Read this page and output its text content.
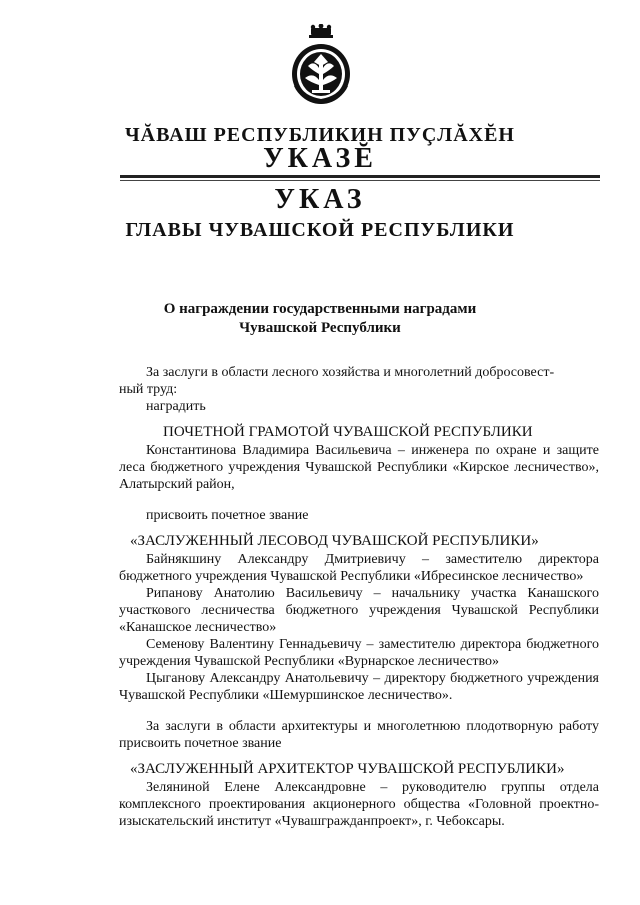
ЧĂВАШ РЕСПУБЛИКИН ПУÇЛĂХĔН
УКАЗĔ
УКАЗ
ГЛАВЫ ЧУВАШСКОЙ РЕСПУБЛИКИ
О награждении государственными наградами
Чувашской Республики

За заслуги в области лесного хозяйства и многолетний добросовест-

ный труд:

наградить

ПОЧЕТНОЙ ГРАМОТОЙ ЧУВАШСКОЙ РЕСПУБЛИКИ

Константинова Владимира Васильевича – инженера по охране и защите леса бюджетного учреждения Чувашской Республики «Кирское лесничество», Алатырский район,

присвоить почетное звание

«ЗАСЛУЖЕННЫЙ ЛЕСОВОД ЧУВАШСКОЙ РЕСПУБЛИКИ»

Байнякшину Александру Дмитриевичу – заместителю директора бюджетного учреждения Чувашской Республики «Ибресинское лесничество»

Рипанову Анатолию Васильевичу – начальнику участка Канашского участкового лесничества бюджетного учреждения Чувашской Республики «Канашское лесничество»

Семенову Валентину Геннадьевичу – заместителю директора бюджетного учреждения Чувашской Республики «Вурнарское лесничество»

Цыганову Александру Анатольевичу – директору бюджетного учреждения Чувашской Республики «Шемуршинское лесничество».

За заслуги в области архитектуры и многолетнюю плодотворную работу присвоить почетное звание

«ЗАСЛУЖЕННЫЙ АРХИТЕКТОР ЧУВАШСКОЙ РЕСПУБЛИКИ»

Зеляниной Елене Александровне – руководителю группы отдела комплексного проектирования акционерного общества «Головной проектно-изыскательский институт «Чувашгражданпроект», г. Чебоксары.
